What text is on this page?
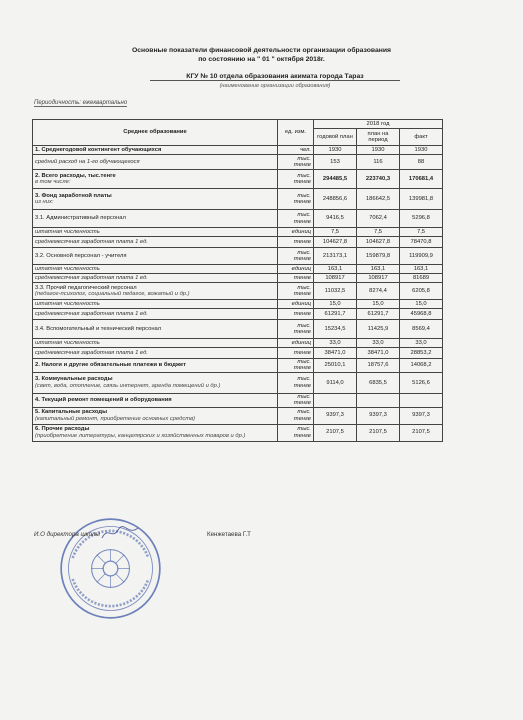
Основные показатели финансовой деятельности организации образования
по состоянию на " 01 " октября 2018г.
КГУ № 10 отдела образования акимата города Тараз
(наименование организации образования)
Периодичность: ежеквартально
Среднее образование	ед. изм.	2018 год		
		годовой план	план на период	факт

1. Среднегодовой контингент обучающихся	чел.	1930	1930	1930

средний расход на 1-го обучающегося	тыс. тенге	153	116	88

2. Всего расходы, тыс.тенге
в том числе:	тыс. тенге	294485,5	223740,3	170681,4

3. Фонд заработной платы
из них:	тыс. тенге	248856,6	186642,5	139981,8

3.1. Административный персонал	тыс. тенге	9416,5	7062,4	5296,8

штатная численность	единиц	7,5	7,5	7,5

среднемесячная заработная плата 1 ед.	тенге	104627,8	104627,8	78470,8

3.2. Основной персонал - учителя	тыс. тенге	213173,1	159879,8	119909,9

штатная численность	единиц	163,1	163,1	163,1

среднемесячная заработная плата 1 ед.	тенге	108917	108917	81689

3.3. Прочий педагогический персонал
(педагог-психолог, социальный педагог, вожатый и др.)	тыс. тенге	11032,5	8274,4	6205,8

штатная численность	единиц	15,0	15,0	15,0

среднемесячная заработная плата 1 ед.	тенге	61291,7	61291,7	45968,8

3.4. Вспомогательный и технический персонал	тыс. тенге	15234,5	11425,9	8569,4

штатная численность	единиц	33,0	33,0	33,0

среднемесячная заработная плата 1 ед.	тенге	38471,0	38471,0	28853,2

2. Налоги и другие обязательные платежи в бюджет	тыс. тенге	25010,1	18757,6	14068,2

3. Коммунальные расходы
(свет, вода, отопление, связь интернет, аренда помещений и др.)	тыс. тенге	9114,0	6835,5	5126,6

4. Текущий ремонт помещений и оборудования	тыс. тенге			

5. Капитальные расходы
(капитальный ремонт, приобретение основных средств)	тыс. тенге	9397,3	9397,3	9397,3

6. Прочие расходы
(приобретение литературы, канцелярских и хозяйственных товаров и др.)	тыс. тенге	2107,5	2107,5	2107,5
И.О директора школы	Кенжетаева Г.Т
